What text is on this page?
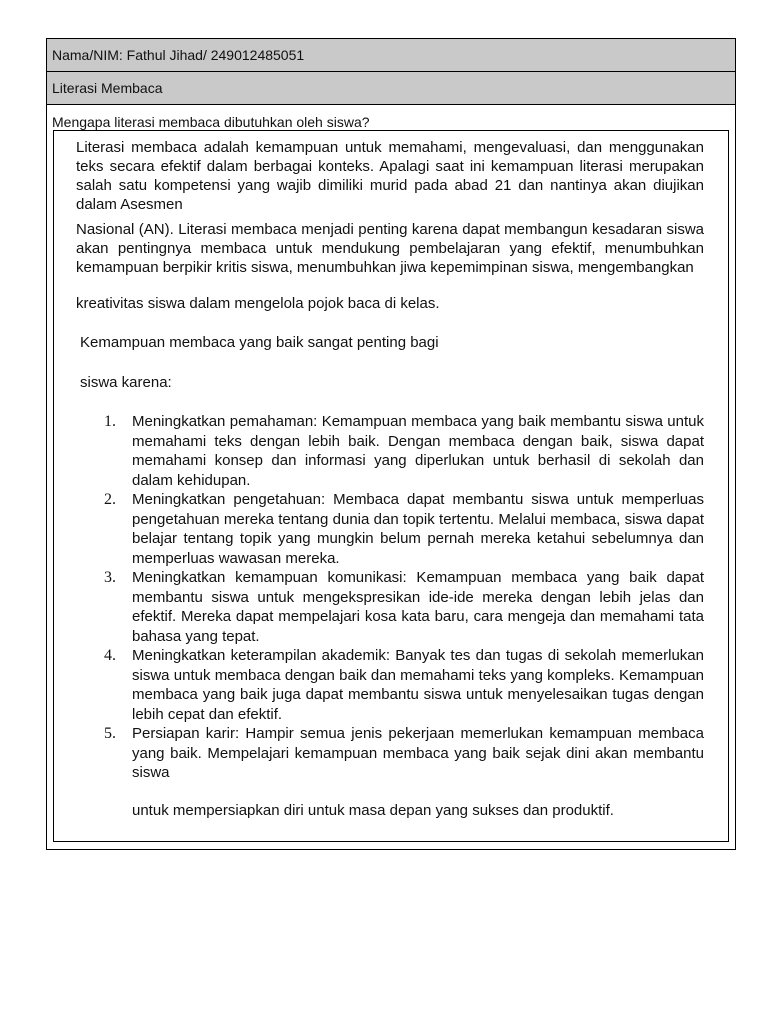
Nama/NIM: Fathul Jihad/ 249012485051
Literasi Membaca
Mengapa literasi membaca dibutuhkan oleh siswa?
Literasi membaca adalah kemampuan untuk memahami, mengevaluasi, dan menggunakan teks secara efektif dalam berbagai konteks. Apalagi saat ini kemampuan literasi merupakan salah satu kompetensi yang wajib dimiliki murid pada abad 21 dan nantinya akan diujikan dalam Asesmen
Nasional (AN). Literasi membaca menjadi penting karena dapat membangun kesadaran siswa akan pentingnya membaca untuk mendukung pembelajaran yang efektif, menumbuhkan kemampuan berpikir kritis siswa, menumbuhkan jiwa kepemimpinan siswa, mengembangkan
kreativitas siswa dalam mengelola pojok baca di kelas.
Kemampuan membaca yang baik sangat penting bagi
siswa karena:
1.	Meningkatkan pemahaman: Kemampuan membaca yang baik membantu siswa untuk memahami teks dengan lebih baik. Dengan membaca dengan baik, siswa dapat memahami konsep dan informasi yang diperlukan untuk berhasil di sekolah dan dalam kehidupan.
2.	Meningkatkan pengetahuan: Membaca dapat membantu siswa untuk memperluas pengetahuan mereka tentang dunia dan topik tertentu. Melalui membaca, siswa dapat belajar tentang topik yang mungkin belum pernah mereka ketahui sebelumnya dan memperluas wawasan mereka.
3.	Meningkatkan kemampuan komunikasi: Kemampuan membaca yang baik dapat membantu siswa untuk mengekspresikan ide-ide mereka dengan lebih jelas dan efektif. Mereka dapat mempelajari kosa kata baru, cara mengeja dan memahami tata bahasa yang tepat.
4.	Meningkatkan keterampilan akademik: Banyak tes dan tugas di sekolah memerlukan siswa untuk membaca dengan baik dan memahami teks yang kompleks. Kemampuan membaca yang baik juga dapat membantu siswa untuk menyelesaikan tugas dengan lebih cepat dan efektif.
5.	Persiapan karir: Hampir semua jenis pekerjaan memerlukan kemampuan membaca yang baik. Mempelajari kemampuan membaca yang baik sejak dini akan membantu siswa
untuk mempersiapkan diri untuk masa depan yang sukses dan produktif.
